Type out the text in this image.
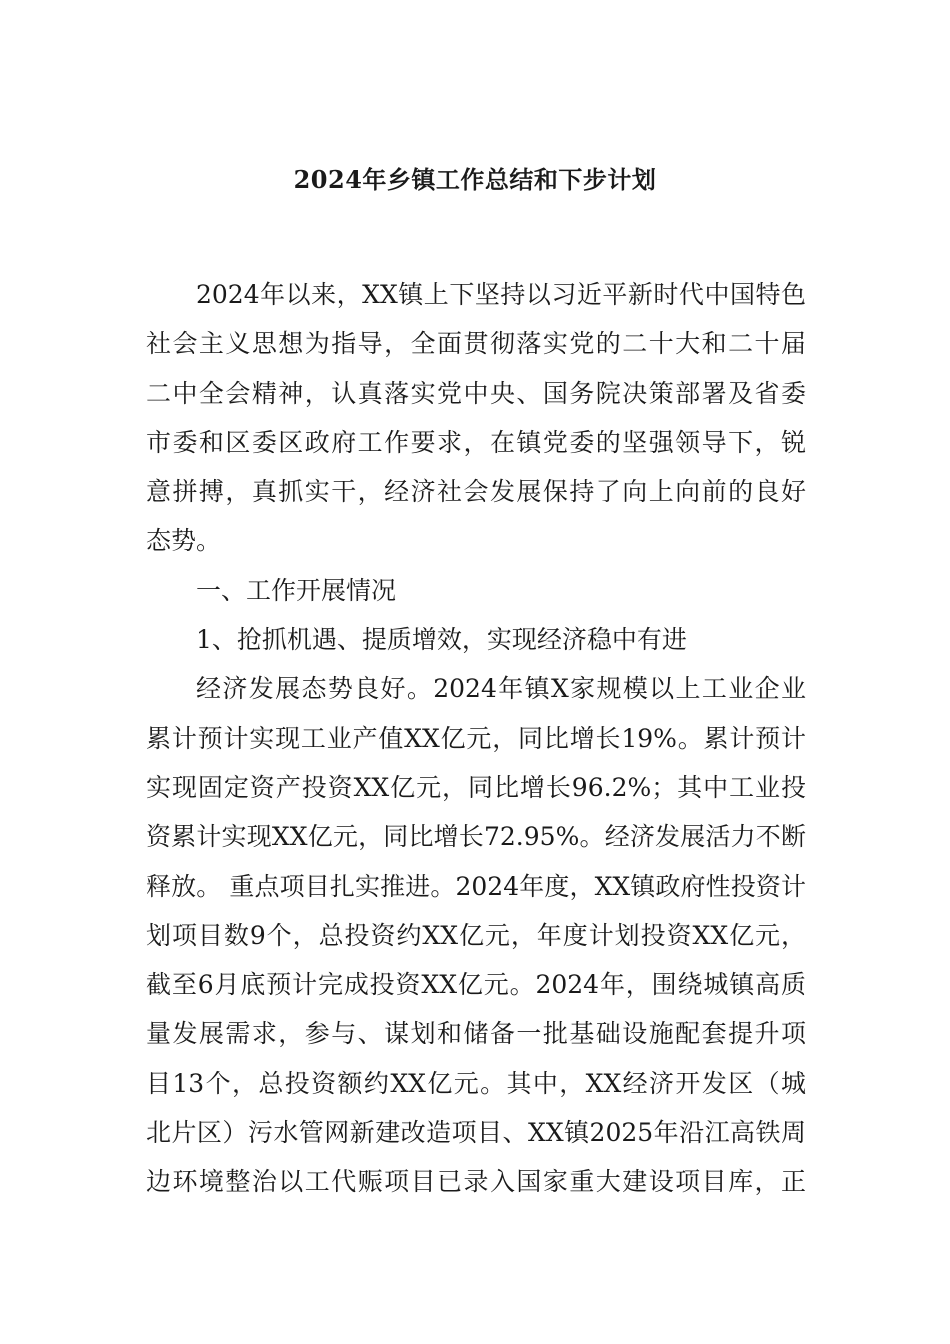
2024年乡镇工作总结和下步计划
2024年以来，XX镇上下坚持以习近平新时代中国特色
社会主义思想为指导，全面贯彻落实党的二十大和二十届
二中全会精神，认真落实党中央、国务院决策部署及省委
市委和区委区政府工作要求，在镇党委的坚强领导下，锐
意拼搏，真抓实干，经济社会发展保持了向上向前的良好
态势。
一、工作开展情况
1、抢抓机遇、提质增效，实现经济稳中有进
经济发展态势良好。2024年镇X家规模以上工业企业
累计预计实现工业产值XX亿元，同比增长19%。累计预计
实现固定资产投资XX亿元，同比增长96.2%；其中工业投
资累计实现XX亿元，同比增长72.95%。经济发展活力不断
释放。 重点项目扎实推进。2024年度，XX镇政府性投资计
划项目数9个，总投资约XX亿元，年度计划投资XX亿元，
截至6月底预计完成投资XX亿元。2024年，围绕城镇高质
量发展需求，参与、谋划和储备一批基础设施配套提升项
目13个，总投资额约XX亿元。其中，XX经济开发区（城
北片区）污水管网新建改造项目、XX镇2025年沿江高铁周
边环境整治以工代赈项目已录入国家重大建设项目库，正
